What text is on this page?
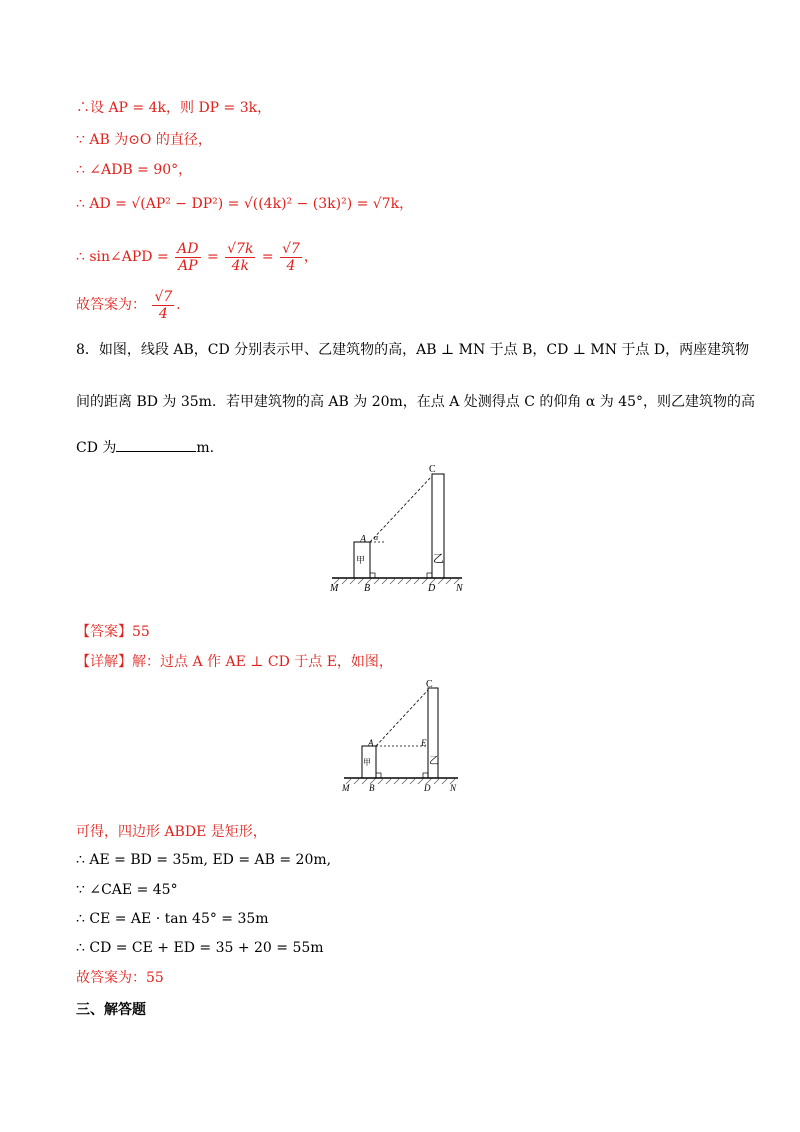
∴设 AP = 4k，则 DP = 3k，
∵ AB 为⊙O 的直径，
∴ ∠ADB = 90°，
∴ AD = √(AP² − DP²) = √((4k)² − (3k)²) = √7k，
∴ sin∠APD = $\frac{AD}{AP} = \frac{√7k}{4k} = \frac{√7}{4}$ ，
故答案为： $\frac{√7}{4}$ ．
8．如图，线段 AB，CD 分别表示甲、乙建筑物的高，AB ⊥ MN 于点 B，CD ⊥ MN 于点 D，两座建筑物
间的距离 BD 为 35m．若甲建筑物的高 AB 为 20m，在点 A 处测得点 C 的仰角 α 为 45°，则乙建筑物的高
CD 为	m.
C
A α
甲	乙
M	B	D N
【答案】55
【详解】解：过点 A 作 AE ⊥ CD 于点 E，如图，
C
A	E
甲	乙
M B	D N
可得，四边形 ABDE 是矩形，
∴ AE = BD = 35m, ED = AB = 20m,
∵ ∠CAE = 45°
∴ CE = AE · tan 45° = 35m
∴ CD = CE + ED = 35 + 20 = 55m
故答案为：55
三、解答题
